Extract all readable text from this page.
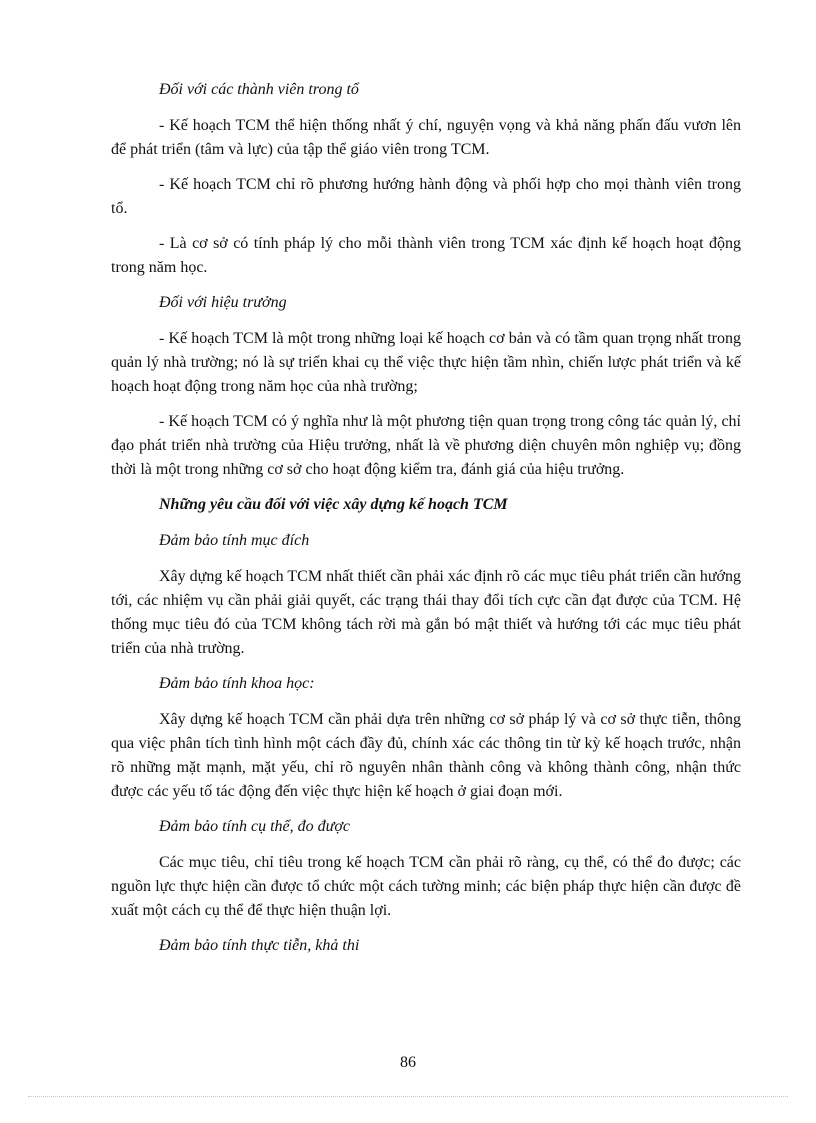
Đối với các thành viên trong tổ

- Kế hoạch TCM thể hiện thống nhất ý chí, nguyện vọng và khả năng phấn đấu vươn lên để phát triển (tâm và lực) của tập thể giáo viên trong TCM.

- Kế hoạch TCM chỉ rõ phương hướng hành động và phối hợp cho mọi thành viên trong tổ.

- Là cơ sở có tính pháp lý cho mỗi thành viên trong TCM xác định kế hoạch hoạt động trong năm học.

Đối với hiệu trưởng

- Kế hoạch TCM là một trong những loại kế hoạch cơ bản và có tầm quan trọng nhất trong quản lý nhà trường; nó là sự triển khai cụ thể việc thực hiện tầm nhìn, chiến lược phát triển và kế hoạch hoạt động trong năm học của nhà trường;

- Kế hoạch TCM có ý nghĩa như là một phương tiện quan trọng trong công tác quản lý, chỉ đạo phát triển nhà trường của Hiệu trưởng, nhất là về phương diện chuyên môn nghiệp vụ; đồng thời là một trong những cơ sở cho hoạt động kiểm tra, đánh giá của hiệu trưởng.

Những yêu cầu đối với việc xây dựng kế hoạch TCM
Đảm bảo tính mục đích

Xây dựng kế hoạch TCM nhất thiết cần phải xác định rõ các mục tiêu phát triển cần hướng tới, các nhiệm vụ cần phải giải quyết, các trạng thái thay đổi tích cực cần đạt được của TCM. Hệ thống mục tiêu đó của TCM không tách rời mà gắn bó mật thiết và hướng tới các mục tiêu phát triển của nhà trường.

Đảm bảo tính khoa học:

Xây dựng kế hoạch TCM cần phải dựa trên những cơ sở pháp lý và cơ sở thực tiễn, thông qua việc phân tích tình hình một cách đầy đủ, chính xác các thông tin từ kỳ kế hoạch trước, nhận rõ những mặt mạnh, mặt yếu, chỉ rõ nguyên nhân thành công và không thành công, nhận thức được các yếu tố tác động đến việc thực hiện kế hoạch ở giai đoạn mới.

Đảm bảo tính cụ thể, đo được

Các mục tiêu, chỉ tiêu trong kế hoạch TCM cần phải rõ ràng, cụ thể, có thể đo được; các nguồn lực thực hiện cần được tổ chức một cách tường minh; các biện pháp thực hiện cần được đề xuất một cách cụ thể để thực hiện thuận lợi.

Đảm bảo tính thực tiễn, khả thi
86
